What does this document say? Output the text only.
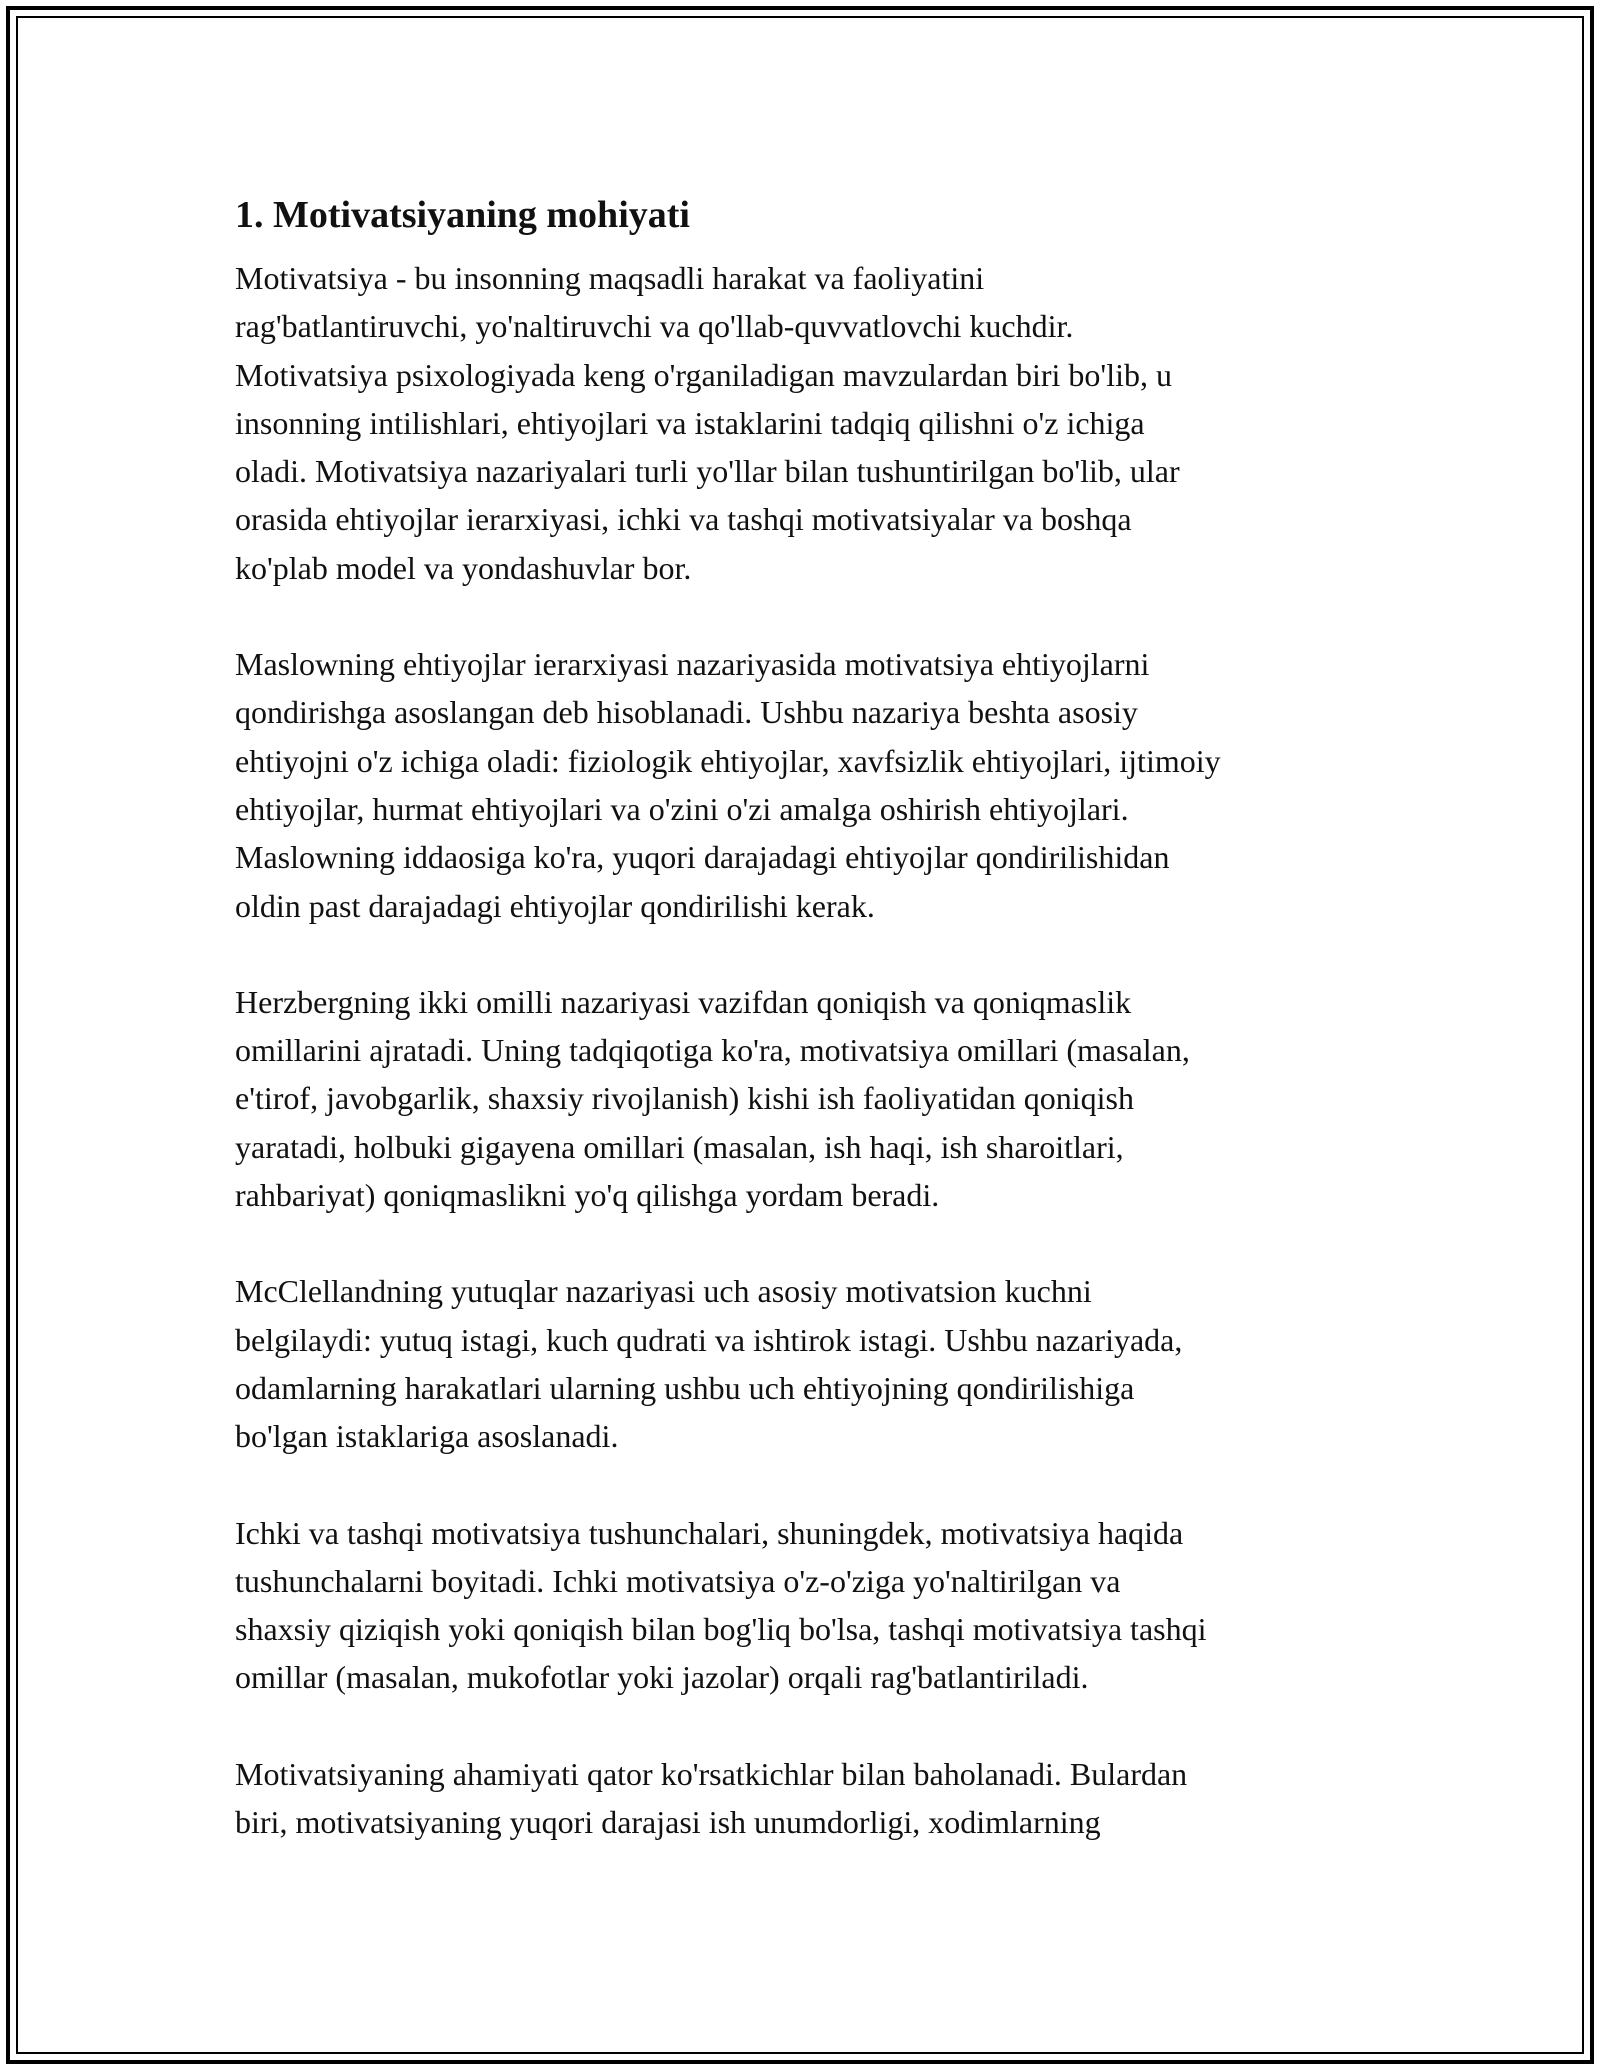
1. Motivatsiyaning mohiyati

Motivatsiya - bu insonning maqsadli harakat va faoliyatini
rag'batlantiruvchi, yo'naltiruvchi va qo'llab-quvvatlovchi kuchdir.
Motivatsiya psixologiyada keng o'rganiladigan mavzulardan biri bo'lib, u
insonning intilishlari, ehtiyojlari va istaklarini tadqiq qilishni o'z ichiga
oladi. Motivatsiya nazariyalari turli yo'llar bilan tushuntirilgan bo'lib, ular
orasida ehtiyojlar ierarxiyasi, ichki va tashqi motivatsiyalar va boshqa
ko'plab model va yondashuvlar bor.

Maslowning ehtiyojlar ierarxiyasi nazariyasida motivatsiya ehtiyojlarni
qondirishga asoslangan deb hisoblanadi. Ushbu nazariya beshta asosiy
ehtiyojni o'z ichiga oladi: fiziologik ehtiyojlar, xavfsizlik ehtiyojlari, ijtimoiy
ehtiyojlar, hurmat ehtiyojlari va o'zini o'zi amalga oshirish ehtiyojlari.
Maslowning iddaosiga ko'ra, yuqori darajadagi ehtiyojlar qondirilishidan
oldin past darajadagi ehtiyojlar qondirilishi kerak.

Herzbergning ikki omilli nazariyasi vazifdan qoniqish va qoniqmaslik
omillarini ajratadi. Uning tadqiqotiga ko'ra, motivatsiya omillari (masalan,
e'tirof, javobgarlik, shaxsiy rivojlanish) kishi ish faoliyatidan qoniqish
yaratadi, holbuki gigayena omillari (masalan, ish haqi, ish sharoitlari,
rahbariyat) qoniqmaslikni yo'q qilishga yordam beradi.

McClellandning yutuqlar nazariyasi uch asosiy motivatsion kuchni
belgilaydi: yutuq istagi, kuch qudrati va ishtirok istagi. Ushbu nazariyada,
odamlarning harakatlari ularning ushbu uch ehtiyojning qondirilishiga
bo'lgan istaklariga asoslanadi.

Ichki va tashqi motivatsiya tushunchalari, shuningdek, motivatsiya haqida
tushunchalarni boyitadi. Ichki motivatsiya o'z-o'ziga yo'naltirilgan va
shaxsiy qiziqish yoki qoniqish bilan bog'liq bo'lsa, tashqi motivatsiya tashqi
omillar (masalan, mukofotlar yoki jazolar) orqali rag'batlantiriladi.

Motivatsiyaning ahamiyati qator ko'rsatkichlar bilan baholanadi. Bulardan
biri, motivatsiyaning yuqori darajasi ish unumdorligi, xodimlarning
